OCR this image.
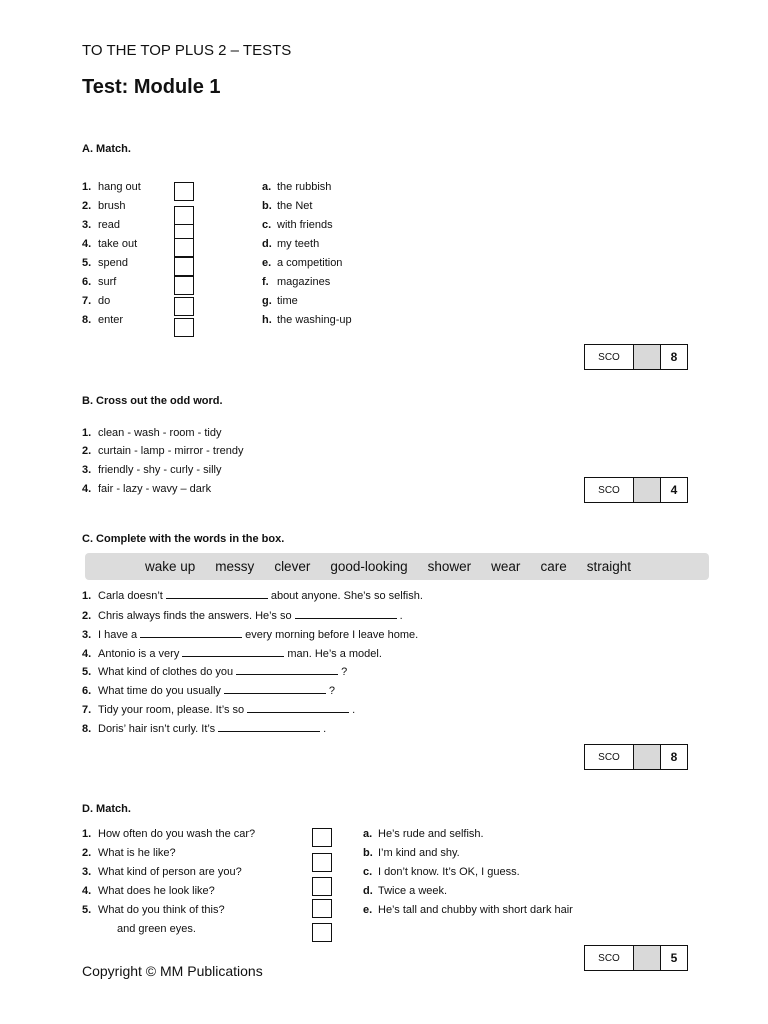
TO THE TOP PLUS 2 – TESTS
Test: Module 1
A. Match.
1. hang out
2. brush
3. read
4. take out
5. spend
6. surf
7. do
8. enter
a. the rubbish
b. the Net
c. with friends
d. my teeth
e. a competition
f. magazines
g. time
h. the washing-up
SCO	8
B. Cross out the odd word.
1. clean - wash - room - tidy
2. curtain - lamp - mirror - trendy
3. friendly - shy - curly - silly
4. fair - lazy - wavy – dark	SCO	4
C. Complete with the words in the box.
wake up messy clever good-looking shower wear care straight
1. Carla doesn’t	about anyone. She’s so selfish.
2. Chris always finds the answers. He’s so	.
3. I have a	every morning before I leave home.
4. Antonio is a very	man. He’s a model.
5. What kind of clothes do you	?
6. What time do you usually	?
7. Tidy your room, please. It’s so	.
8. Doris’ hair isn’t curly. It’s	.
SCO	8
D. Match.
1. How often do you wash the car?
2. What is he like?
3. What kind of person are you?
4. What does he look like?
5. What do you think of this?
a. He’s rude and selfish.
b. I’m kind and shy.
c. I don’t know. It’s OK, I guess.
d. Twice a week.
e. He’s tall and chubby with short dark hair
and green eyes.
SCO	5
Copyright © MM Publications
